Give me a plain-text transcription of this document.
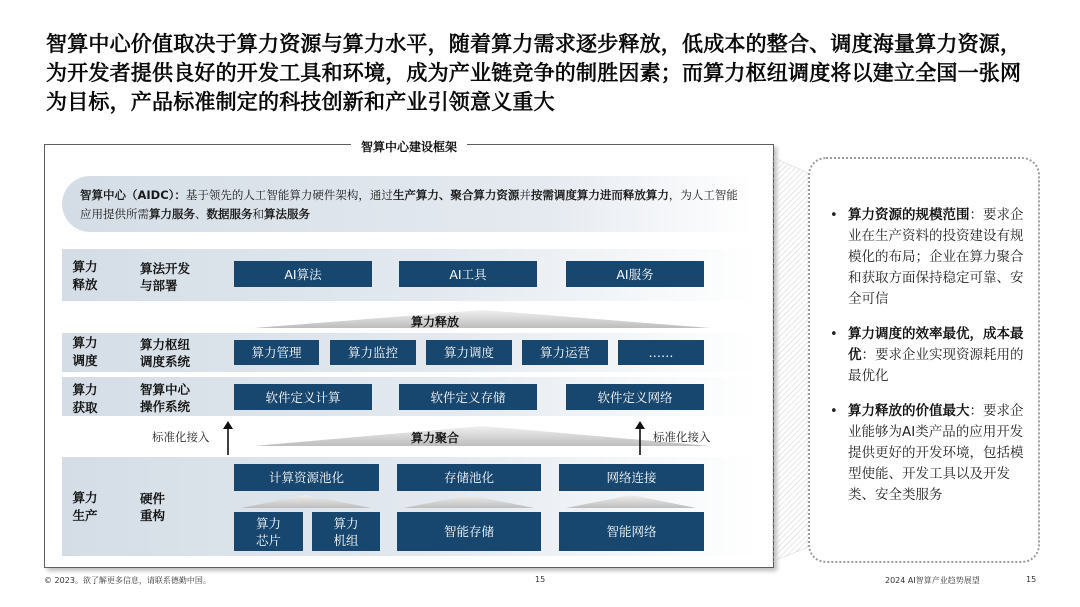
智算中心价值取决于算力资源与算力水平，随着算力需求逐步释放，低成本的整合、调度海量算力资源，为开发者提供良好的开发工具和环境，成为产业链竞争的制胜因素；而算力枢纽调度将以建立全国一张网为目标，产品标准制定的科技创新和产业引领意义重大
智算中心建设框架
智算中心（AIDC）：基于领先的人工智能算力硬件架构，通过生产算力、聚合算力资源并按需调度算力进而释放算力，为人工智能应用提供所需算力服务、数据服务和算法服务
算力
释放
算法开发
与部署
AI算法	AI工具	AI服务
算力释放
算力
调度
算力枢纽
调度系统
算力管理	算力监控	算力调度	算力运营	……
算力
获取
智算中心
操作系统
软件定义计算	软件定义存储	软件定义网络
算力聚合
标准化接入	标准化接入
算力
生产
硬件
重构
计算资源池化	存储池化	网络连接
算力
芯片
算力
机组
智能存储	智能网络
• 算力资源的规模范围：要求企业在生产资料的投资建设有规模化的布局；企业在算力聚合和获取方面保持稳定可靠、安全可信
• 算力调度的效率最优，成本最优：要求企业实现资源耗用的最优化
• 算力释放的价值最大：要求企业能够为AI类产品的应用开发提供更好的开发环境，包括模型使能、开发工具以及开发类、安全类服务
© 2023。欲了解更多信息，请联系德勤中国。	15	2024 AI智算产业趋势展望	15
